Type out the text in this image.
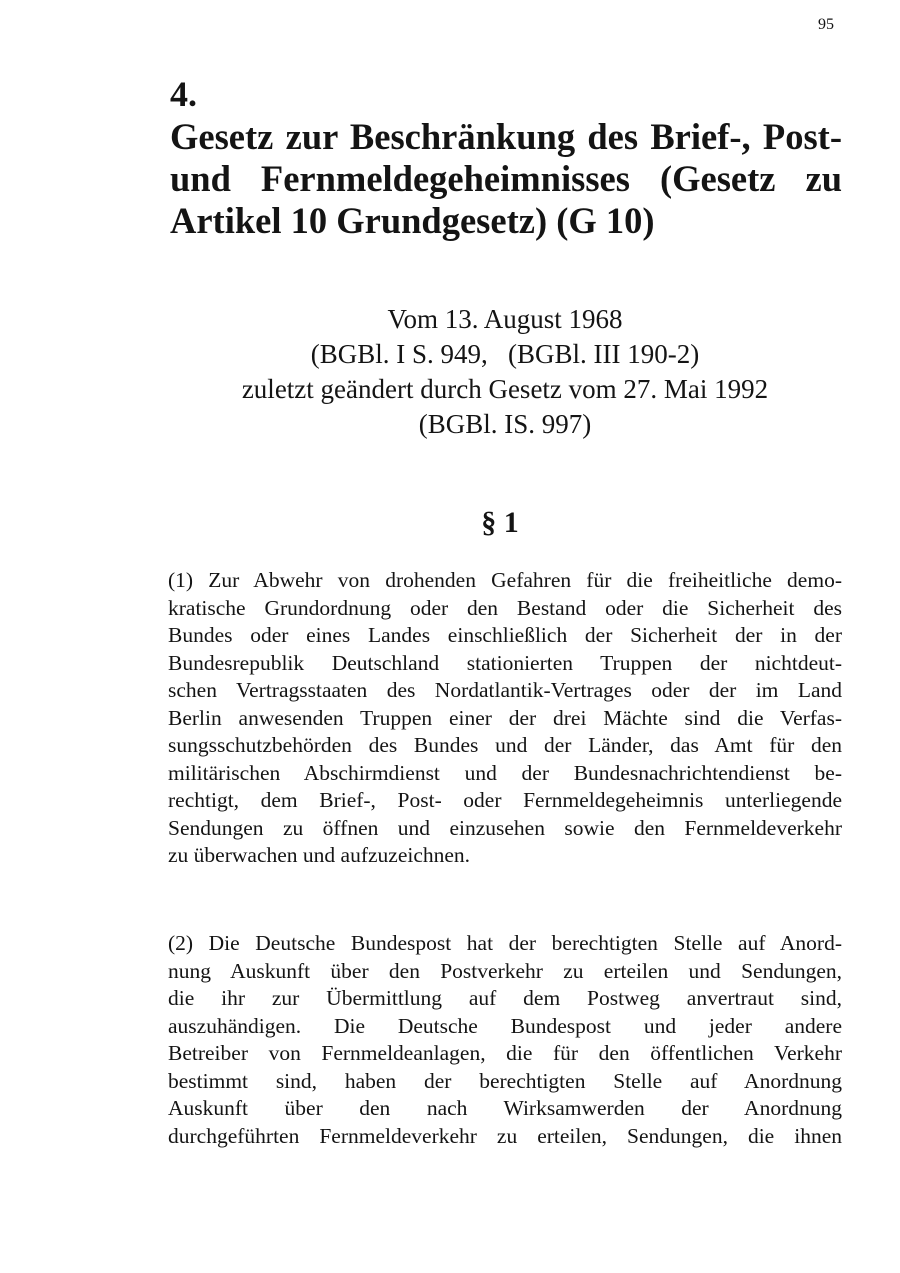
95
4.
Gesetz zur Beschränkung des Brief-, Post-
und Fernmeldegeheimnisses (Gesetz zu
Artikel 10 Grundgesetz) (G 10)
Vom 13. August 1968
(BGBl. I S. 949,   (BGBl. III 190-2)
zuletzt geändert durch Gesetz vom 27. Mai 1992
(BGBl. IS. 997)
§ 1
(1) Zur Abwehr von drohenden Gefahren für die freiheitliche demo-
kratische Grundordnung oder den Bestand oder die Sicherheit des
Bundes oder eines Landes einschließlich der Sicherheit der in der
Bundesrepublik Deutschland stationierten Truppen der nichtdeut-
schen Vertragsstaaten des Nordatlantik-Vertrages oder der im Land
Berlin anwesenden Truppen einer der drei Mächte sind die Verfas-
sungsschutzbehörden des Bundes und der Länder, das Amt für den
militärischen Abschirmdienst und der Bundesnachrichtendienst be-
rechtigt, dem Brief-, Post- oder Fernmeldegeheimnis unterliegende
Sendungen zu öffnen und einzusehen sowie den Fernmeldeverkehr
zu überwachen und aufzuzeichnen.
(2) Die Deutsche Bundespost hat der berechtigten Stelle auf Anord-
nung Auskunft über den Postverkehr zu erteilen und Sendungen,
die ihr zur Übermittlung auf dem Postweg anvertraut sind,
auszuhändigen. Die Deutsche Bundespost und jeder andere
Betreiber von Fernmeldeanlagen, die für den öffentlichen Verkehr
bestimmt sind, haben der berechtigten Stelle auf Anordnung
Auskunft über den nach Wirksamwerden der Anordnung
durchgeführten Fernmeldeverkehr zu erteilen, Sendungen, die ihnen
